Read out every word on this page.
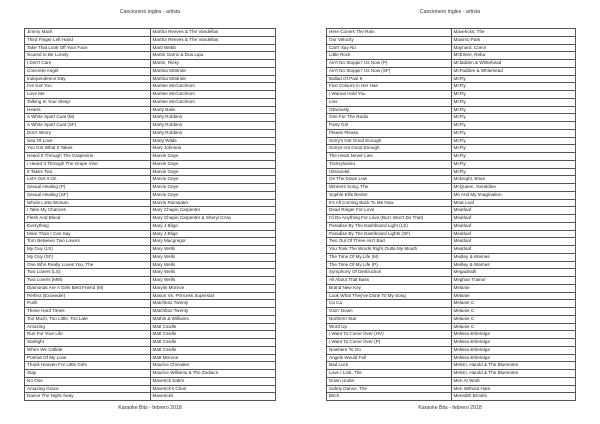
Cancionero ingles - artista
Jimmy Mack	Martha Reeves & The Vandellas
Third Finger Left Hand	Martha Reeves & The Vandellas
Take That Look Off Your Face	Marti Webb
Scared to Be Lonely	Martin Garrix & Dua Lipa
I Don't Care	Martin, Ricky
Concrete Angel	Martina McBride
Independence Day	Martina McBride
I've Got You	Martine McCutcheon
Love Me	Martine McCutcheon
Talking In Your Sleep	Martine McCutcheon
Hearts	Marty Balin
A White Sport Coat (M)	Marty Robbins
A White Sport Coat (SF)	Marty Robbins
Don't Worry	Marty Robbins
Sea Of Love	Marty Wilde
You Got What It Takes	Marv Johnson
Heard It Through The Grapevine	Marvin Gaye
I Heard It Through The Grape Vine	Marvin Gaye
It Takes Two	Marvin Gaye
Let's Get It On	Marvin Gaye
Sexual Healing (P)	Marvin Gaye
Sexual Healing (SF)	Marvin Gaye
Whole Lotta Woman	Marvin Rainwater
I Take My Chances	Mary Chapin Carpenter
Flesh And Blood	Mary Chapin Carpenter & Sheryl Crow
Everything	Mary J Blige
More Than I Can Say	Mary J Blige
Torn Between Two Lovers	Mary Macgregor
My Guy (LS)	Mary Wells
My Guy (SF)	Mary Wells
One Who Really Loves You, The	Mary Wells
Two Lovers (LS)	Mary Wells
Two Lovers (MM)	Mary Wells
Diamonds Are A Girls Best Friend (M)	Marylin Monroe
Perfect (Exceeder)	Mason Vs. Princess Superstar
Push	Matchbox Twenty
These Hard Times	Matchbox Twenty
Too Much, Too Little, Too Late	Mathis & Williams
Amazing	Matt Cardle
Run For Your Life	Matt Cardle
Starlight	Matt Cardle
When We Collide	Matt Cardle
Portrait Of My Love	Matt Monroe
Thank Heaven For Little Girls	Maurice Chevalier
Stay	Maurice Williams & The Zodiacs
No One	Maverick Sabre
Amazing Grace	Maverick's Choir
Dance The Night Away	Mavericks
Karaoke Bits - febrero 2018
Cancionero ingles - artista
Here Comes The Rain	Mavericks, The
Our Velocity	Maximo Park
Can't Say No	Maynard, Conor
Little Rock	McEntire, Reba
Ain't No Stoppin' Us Now (P)	Mcfadden & Whitehead
Ain't No Stoppin' Us Now (SF)	McFadden & Whitehead
Ballad Of Paul K	McFly
Five Colours in Her Hair	McFly
I Wanna Hold You	McFly
Lies	McFly
Obviously	McFly
One For The Radio	McFly
Party Girl	McFly
Please Please	McFly
Sorry's Not Good Enough	McFly
Sorrys not Good Enough	McFly
The Heart Never Lies	McFly
Transylvania	McFly
Ultraviolet	McFly
On The Down Low	Mcknight, Brian
Winners Song, The	McQueen, Geraldine
Sophie Ellis Bexter	Me And My Imagination
It's All Coming Back To Me Now	Meat Loaf
Dead Ringer For Love	Meatloaf
I'd Do Anything For Love (But I Won't Do That)	Meatloaf
Paradise By The Dashboard Light (LS)	Meatloaf
Paradise By The Dashboard Lights (SF)	Meatloaf
Two Out Of Three Ain't Bad	Meatloaf
You Took The Words Right Outta My Mouth	Meatloaf
The Time Of My Life (M)	Medley & Warnes
The Time Of My Life (P)	Medley & Warnes
Symphony Of Destruction	Megadeath
All About That Bass	Meghan Trainor
Brand New Key	Melanie
Look What They've Done To My Song	Melanie
Ca Ca	Melanie C
Goin' Down	Melanie C
Northern Star	Melanie C
Word Up	Melanie C
I Want To Come Over (HV)	Melissa Etheridge
I Want To Come Over (P)	Melissa Etheridge
Nowhere To Go	Melissa Etheridge
Angels Would Fall	Melissa Etheridge
Bad Luck	Melvin, Harold & The Bluenotes
Love I Lost, The	Melvin, Harold & The Bluenotes
Down Under	Men At Work
Safety Dance, The	Men Without Hats
Bitch	Meredith Brooks
Karaoke Bits - febrero 2018
